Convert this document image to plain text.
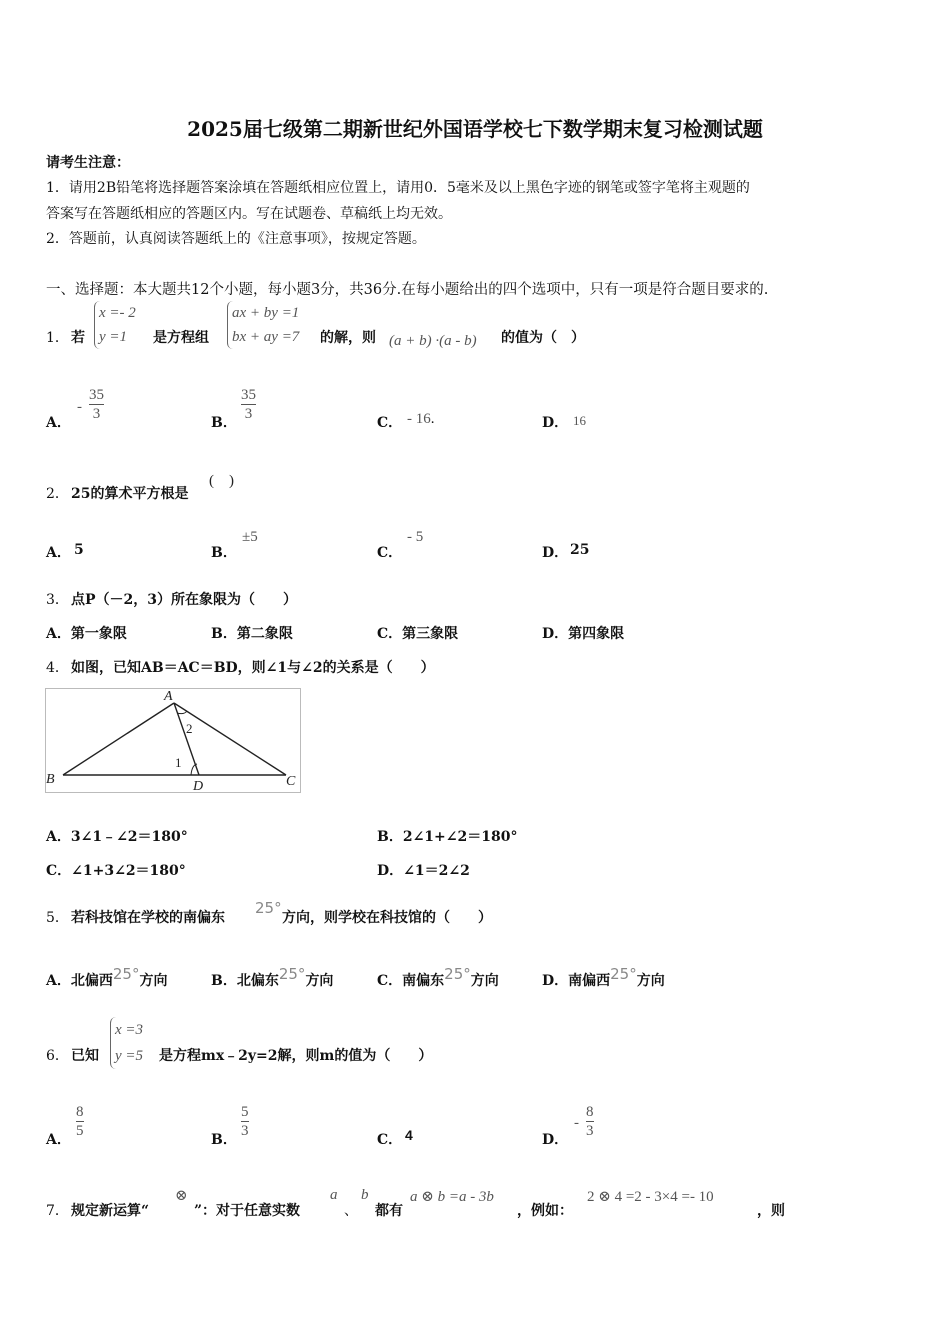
2025届七级第二期新世纪外国语学校七下数学期末复习检测试题
请考生注意：
1．请用2B铅笔将选择题答案涂填在答题纸相应位置上，请用0．5毫米及以上黑色字迹的钢笔或签字笔将主观题的
答案写在答题纸相应的答题区内。写在试题卷、草稿纸上均无效。
2．答题前，认真阅读答题纸上的《注意事项》，按规定答题。
一、选择题：本大题共12个小题，每小题3分，共36分.在每小题给出的四个选项中，只有一项是符合题目要求的.
1． 若
x =- 2
y =1	是方程组
ax + by =1
bx + ay =7 的解，则 (a + b) ·(a - b) 的值为（　）
A．
-
35
3
B．
35
3
C． - 16.	D． 16
2． 25的算术平方根是
(　)
A． 5	B．
±5
C．
- 5
D． 25
3． 点P（－2，3）所在象限为（　　）
A．第一象限	B．第二象限	C．第三象限	D．第四象限
4． 如图，已知AB＝AC＝BD，则∠1与∠2的关系是（　　）
A
B	C
D
2
1
A．3∠1﹣∠2＝180°	B．2∠1+∠2＝180°
C．∠1+3∠2＝180°	D．∠1＝2∠2
5． 若科技馆在学校的南偏东
25°
方向，则学校在科技馆的（　　）
A．北偏西25°方向	B．北偏东25°方向	C．南偏东25°方向	D．南偏西25°方向
6． 已知
x =3
y =5 是方程mx﹣2y=2解，则m的值为（　　）
A．
8
5
B．
5
3
C． 4	D．
-
8
3
7． 规定新运算“
⊗
”：对于任意实数
a
、
b
都有
a ⊗ b =a - 3b
，例如：
2 ⊗ 4 =2 - 3×4 =- 10
，则
